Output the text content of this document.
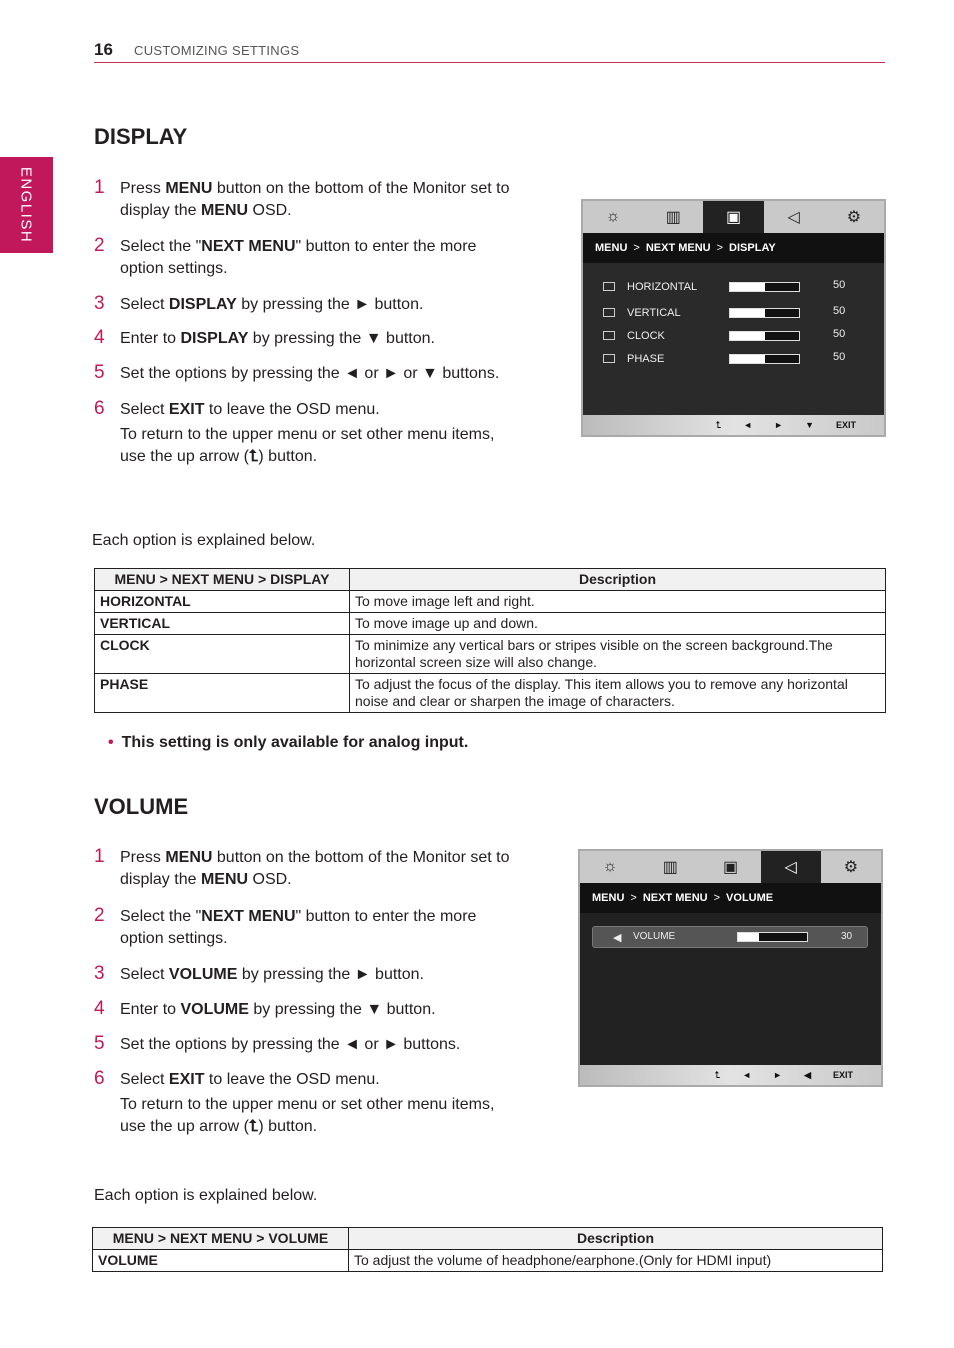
16 CUSTOMIZING SETTINGS
ENGLISH
DISPLAY
1 Press MENU button on the bottom of the Monitor set to display the MENU OSD.
2 Select the "NEXT MENU" button to enter the more option settings.
3 Select DISPLAY by pressing the ► button.
4 Enter to DISPLAY by pressing the ▼ button.
5 Set the options by pressing the ◄ or ► or ▼ buttons.
6 Select EXIT to leave the OSD menu.
To return to the upper menu or set other menu items, use the up arrow (⮤) button.
☼	▥	▣	◁	⚙
MENU > NEXT MENU > DISPLAY
HORIZONTAL	50
VERTICAL	50
CLOCK	50
PHASE	50
⮤ ◄ ► ▼ EXIT
Each option is explained below.
MENU > NEXT MENU > DISPLAY	Description
HORIZONTAL	To move image left and right.
VERTICAL	To move image up and down.
CLOCK	To minimize any vertical bars or stripes visible on the screen background.The horizontal screen size will also change.
PHASE	To adjust the focus of the display. This item allows you to remove any horizontal noise and clear or sharpen the image of characters.
• This setting is only available for analog input.
VOLUME
1 Press MENU button on the bottom of the Monitor set to display the MENU OSD.
2 Select the "NEXT MENU" button to enter the more option settings.
3 Select VOLUME by pressing the ► button.
4 Enter to VOLUME by pressing the ▼ button.
5 Set the options by pressing the ◄ or ► buttons.
6 Select EXIT to leave the OSD menu.
To return to the upper menu or set other menu items, use the up arrow (⮤) button.
☼	▥	▣	◁	⚙
MENU > NEXT MENU > VOLUME
◀ VOLUME	30
⮤ ◄ ► ◀ EXIT
Each option is explained below.
MENU > NEXT MENU > VOLUME	Description
VOLUME	To adjust the volume of headphone/earphone.(Only for HDMI input)
